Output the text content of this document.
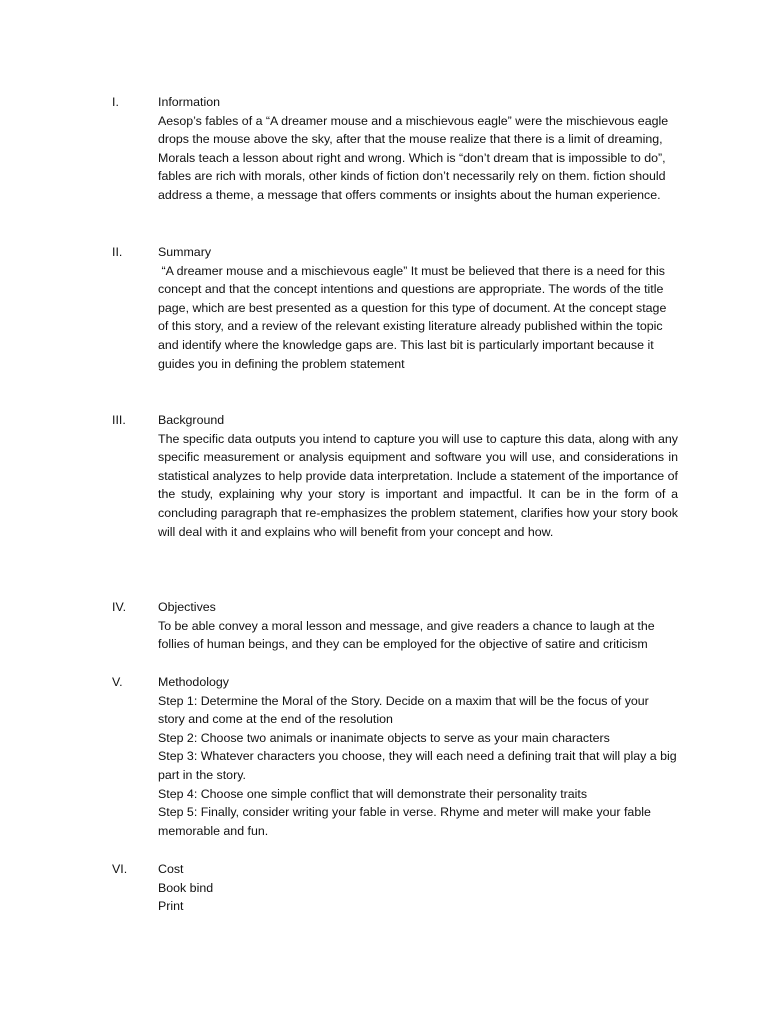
I.	Information
Aesop’s fables of a “A dreamer mouse and a mischievous eagle” were the mischievous eagle drops the mouse above the sky, after that the mouse realize that there is a limit of dreaming, Morals teach a lesson about right and wrong. Which is “don’t dream that is impossible to do”, fables are rich with morals, other kinds of fiction don’t necessarily rely on them. fiction should address a theme, a message that offers comments or insights about the human experience.
II.	Summary
“A dreamer mouse and a mischievous eagle” It must be believed that there is a need for this concept and that the concept intentions and questions are appropriate. The words of the title page, which are best presented as a question for this type of document. At the concept stage of this story, and a review of the relevant existing literature already published within the topic and identify where the knowledge gaps are. This last bit is particularly important because it guides you in defining the problem statement
III.	Background
The specific data outputs you intend to capture you will use to capture this data, along with any specific measurement or analysis equipment and software you will use, and considerations in statistical analyzes to help provide data interpretation. Include a statement of the importance of the study, explaining why your story is important and impactful. It can be in the form of a concluding paragraph that re-emphasizes the problem statement, clarifies how your story book will deal with it and explains who will benefit from your concept and how.
IV.	Objectives
To be able convey a moral lesson and message, and give readers a chance to laugh at the follies of human beings, and they can be employed for the objective of satire and criticism
V.	Methodology
Step 1: Determine the Moral of the Story. Decide on a maxim that will be the focus of your story and come at the end of the resolution
Step 2: Choose two animals or inanimate objects to serve as your main characters
Step 3: Whatever characters you choose, they will each need a defining trait that will play a big part in the story.
Step 4: Choose one simple conflict that will demonstrate their personality traits
Step 5: Finally, consider writing your fable in verse. Rhyme and meter will make your fable memorable and fun.
VI.	Cost
Book bind
Print
